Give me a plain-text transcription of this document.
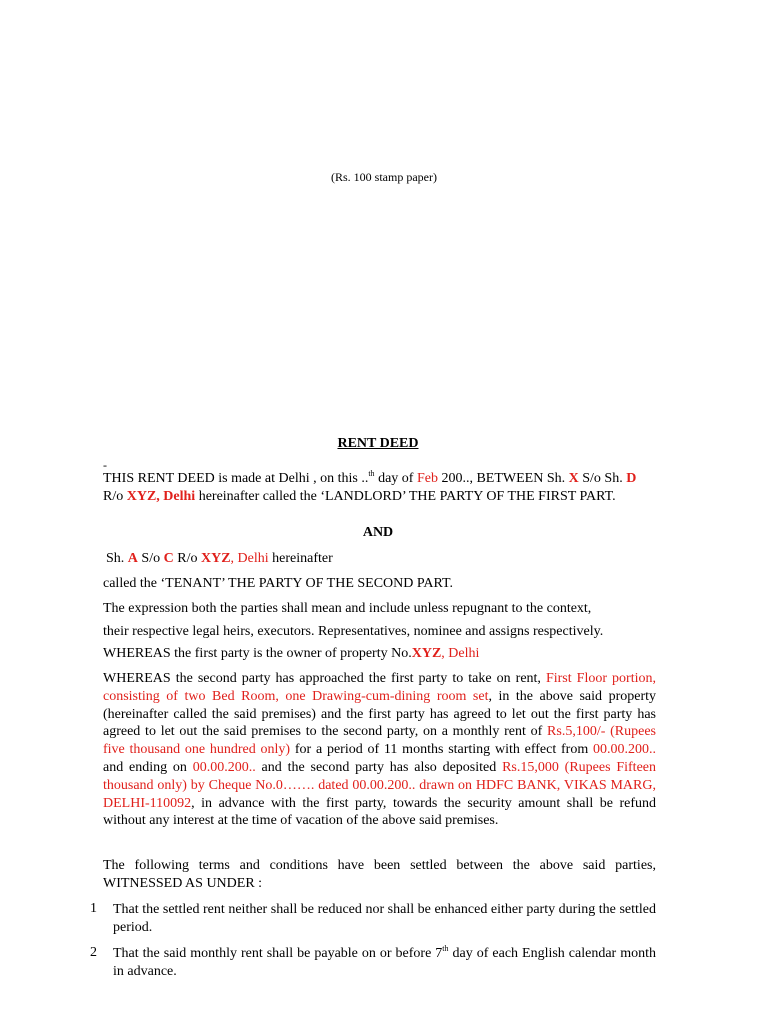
(Rs. 100 stamp paper)
RENT DEED
-
THIS RENT DEED is made at Delhi , on this ..$^{th}$ day of Feb 200.., BETWEEN Sh. X S/o Sh. D R/o XYZ, Delhi hereinafter called the ‘LANDLORD’ THE PARTY OF THE FIRST PART.
AND
Sh. A S/o C R/o XYZ, Delhi hereinafter
called the ‘TENANT’ THE PARTY OF THE SECOND PART.
The expression both the parties shall mean and include unless repugnant to the context,
their respective legal heirs, executors. Representatives, nominee and assigns respectively.
WHEREAS the first party is the owner of property No.XYZ, Delhi
WHEREAS the second party has approached the first party to take on rent, First Floor portion, consisting of two Bed Room, one Drawing-cum-dining room set, in the above said property (hereinafter called the said premises) and the first party has agreed to let out the first party has agreed to let out the said premises to the second party, on a monthly rent of Rs.5,100/- (Rupees five thousand one hundred only) for a period of 11 months starting with effect from 00.00.200.. and ending on 00.00.200.. and the second party has also deposited Rs.15,000 (Rupees Fifteen thousand only) by Cheque No.0……. dated 00.00.200.. drawn on HDFC BANK, VIKAS MARG, DELHI-110092, in advance with the first party, towards the security amount shall be refund without any interest at the time of vacation of the above said premises.
The following terms and conditions have been settled between the above said parties, WITNESSED AS UNDER :
1 That the settled rent neither shall be reduced nor shall be enhanced either party during the settled period.
2 That the said monthly rent shall be payable on or before 7th day of each English calendar month in advance.
